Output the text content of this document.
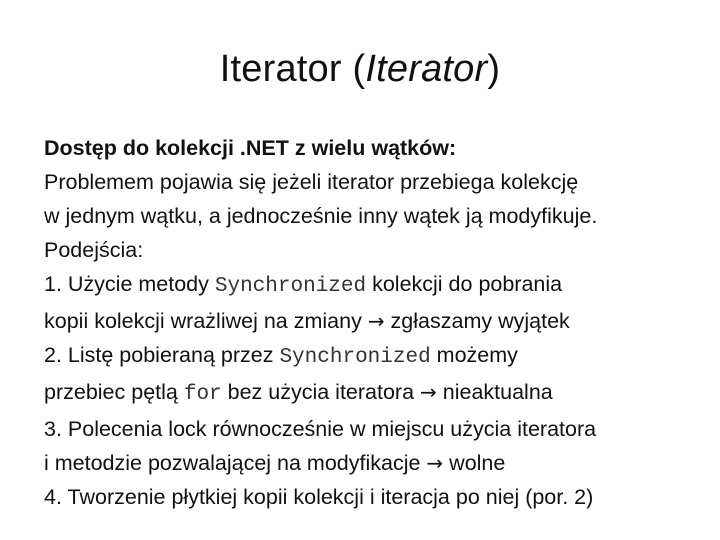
Iterator (Iterator)
Dostęp do kolekcji .NET z wielu wątków:
Problemem pojawia się jeżeli iterator przebiega kolekcję
w jednym wątku, a jednocześnie inny wątek ją modyfikuje.
Podejścia:
1. Użycie metody Synchronized kolekcji do pobrania
kopii kolekcji wrażliwej na zmiany → zgłaszamy wyjątek
2. Listę pobieraną przez Synchronized możemy
przebiec pętlą for bez użycia iteratora → nieaktualna
3. Polecenia lock równocześnie w miejscu użycia iteratora
i metodzie pozwalającej na modyfikacje → wolne
4. Tworzenie płytkiej kopii kolekcji i iteracja po niej (por. 2)
